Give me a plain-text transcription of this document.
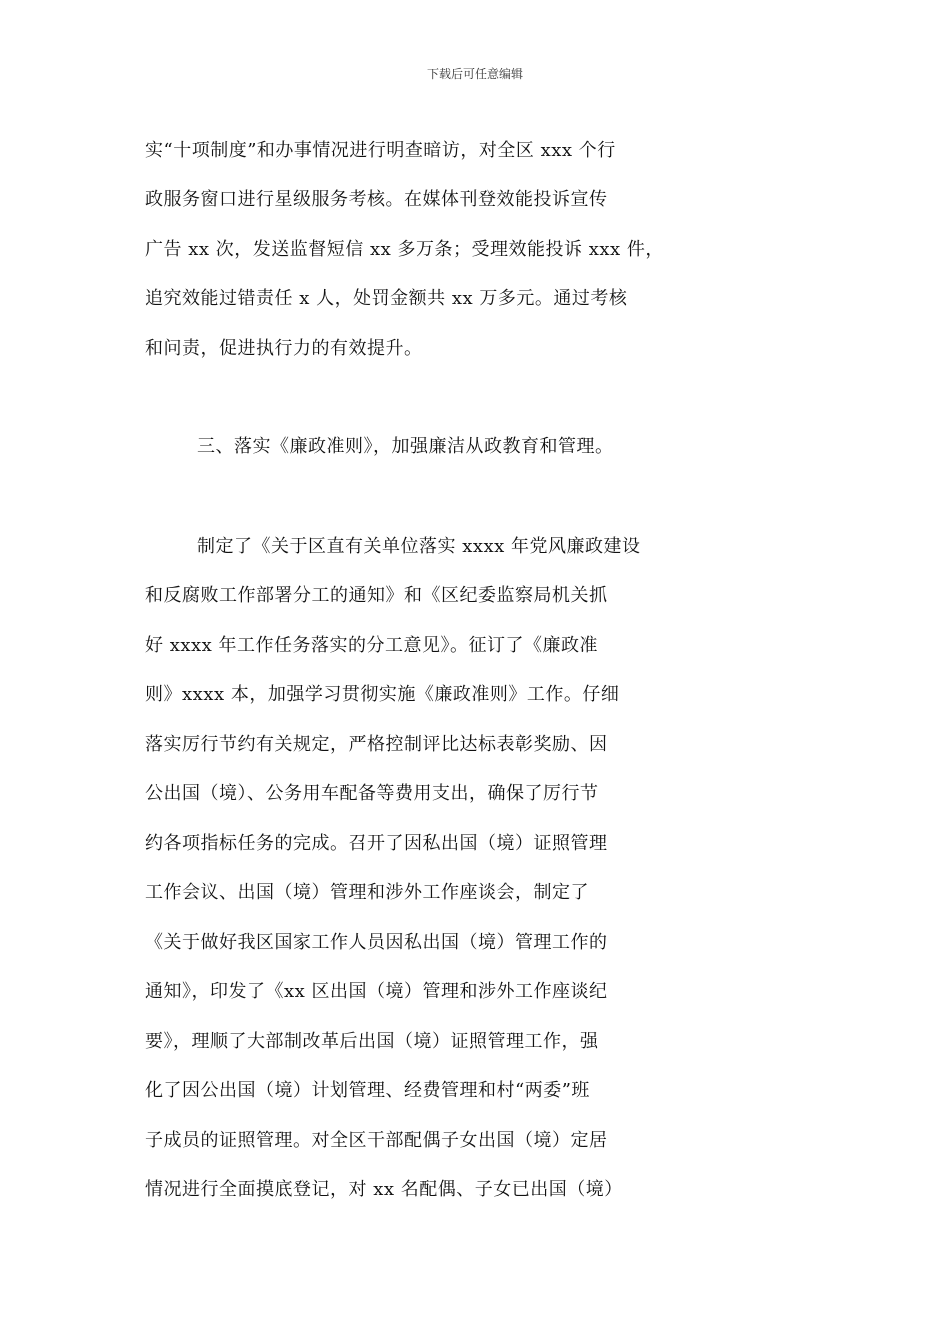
下载后可任意编辑
实“十项制度”和办事情况进行明查暗访，对全区 xxx 个行
政服务窗口进行星级服务考核。在媒体刊登效能投诉宣传
广告 xx 次，发送监督短信 xx 多万条；受理效能投诉 xxx 件，
追究效能过错责任 x 人，处罚金额共 xx 万多元。通过考核
和问责，促进执行力的有效提升。
三、落实《廉政准则》，加强廉洁从政教育和管理。
制定了《关于区直有关单位落实 xxxx 年党风廉政建设
和反腐败工作部署分工的通知》和《区纪委监察局机关抓
好 xxxx 年工作任务落实的分工意见》。征订了《廉政准
则》xxxx 本，加强学习贯彻实施《廉政准则》工作。仔细
落实厉行节约有关规定，严格控制评比达标表彰奖励、因
公出国（境）、公务用车配备等费用支出，确保了厉行节
约各项指标任务的完成。召开了因私出国（境）证照管理
工作会议、出国（境）管理和涉外工作座谈会，制定了
《关于做好我区国家工作人员因私出国（境）管理工作的
通知》，印发了《xx 区出国（境）管理和涉外工作座谈纪
要》，理顺了大部制改革后出国（境）证照管理工作，强
化了因公出国（境）计划管理、经费管理和村“两委”班
子成员的证照管理。对全区干部配偶子女出国（境）定居
情况进行全面摸底登记，对 xx 名配偶、子女已出国（境）
